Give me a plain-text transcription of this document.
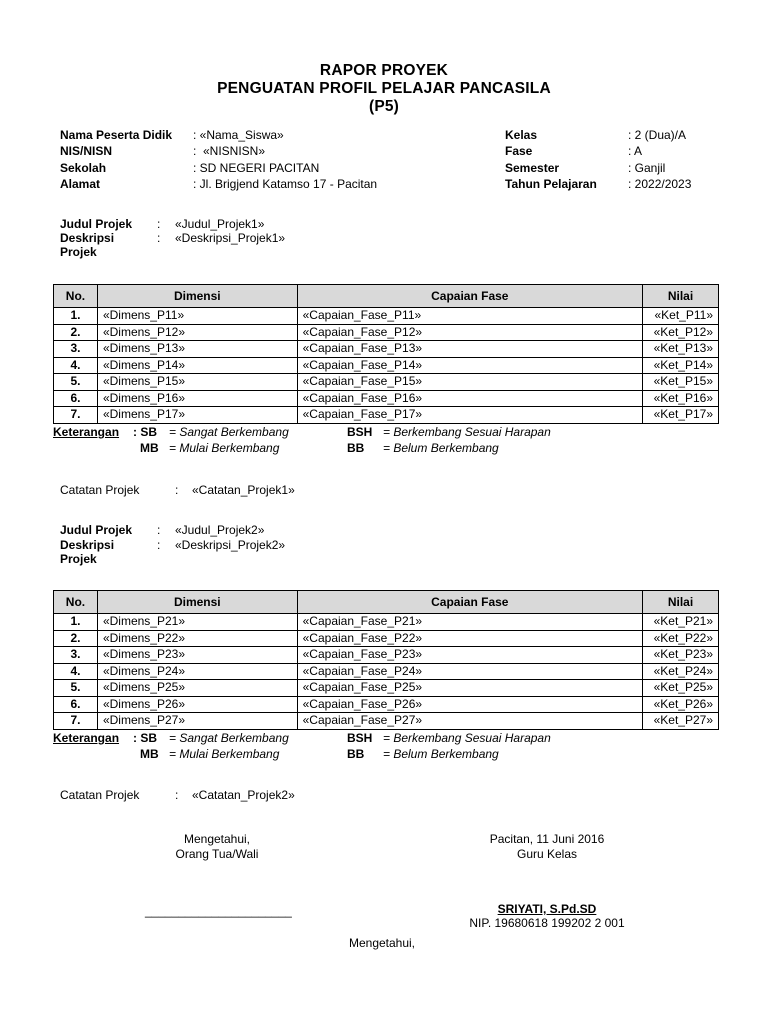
RAPOR PROYEK
PENGUATAN PROFIL PELAJAR PANCASILA
(P5)
Nama Peserta Didik : «Nama_Siswa»
NIS/NISN	:  «NISNISN»
Sekolah	: SD NEGERI PACITAN
Alamat	: Jl. Brigjend Katamso 17 - Pacitan
Kelas	: 2 (Dua)/A
Fase	: A
Semester	: Ganjil
Tahun Pelajaran	: 2022/2023
Judul Projek : «Judul_Projek1»
Deskripsi
Projek
: «Deskripsi_Projek1»
No.	Dimensi	Capaian Fase	Nilai
1.	«Dimens_P11»	«Capaian_Fase_P11»	«Ket_P11»
2.	«Dimens_P12»	«Capaian_Fase_P12»	«Ket_P12»
3.	«Dimens_P13»	«Capaian_Fase_P13»	«Ket_P13»
4.	«Dimens_P14»	«Capaian_Fase_P14»	«Ket_P14»
5.	«Dimens_P15»	«Capaian_Fase_P15»	«Ket_P15»
6.	«Dimens_P16»	«Capaian_Fase_P16»	«Ket_P16»
7.	«Dimens_P17»	«Capaian_Fase_P17»	«Ket_P17»
Keterangan : SB = Sangat Berkembang
MB = Mulai Berkembang
BSH = Berkembang Sesuai Harapan
BB = Belum Berkembang
Catatan Projek	: «Catatan_Projek1»
Judul Projek : «Judul_Projek2»
Deskripsi
Projek
: «Deskripsi_Projek2»
No.	Dimensi	Capaian Fase	Nilai
1.	«Dimens_P21»	«Capaian_Fase_P21»	«Ket_P21»
2.	«Dimens_P22»	«Capaian_Fase_P22»	«Ket_P22»
3.	«Dimens_P23»	«Capaian_Fase_P23»	«Ket_P23»
4.	«Dimens_P24»	«Capaian_Fase_P24»	«Ket_P24»
5.	«Dimens_P25»	«Capaian_Fase_P25»	«Ket_P25»
6.	«Dimens_P26»	«Capaian_Fase_P26»	«Ket_P26»
7.	«Dimens_P27»	«Capaian_Fase_P27»	«Ket_P27»
Keterangan : SB = Sangat Berkembang
MB = Mulai Berkembang
BSH = Berkembang Sesuai Harapan
BB = Belum Berkembang
Catatan Projek	: «Catatan_Projek2»
Mengetahui,
Orang Tua/Wali
______________________
Pacitan, 11 Juni 2016
Guru Kelas
SRIYATI, S.Pd.SD
NIP. 19680618 199202 2 001
Mengetahui,
